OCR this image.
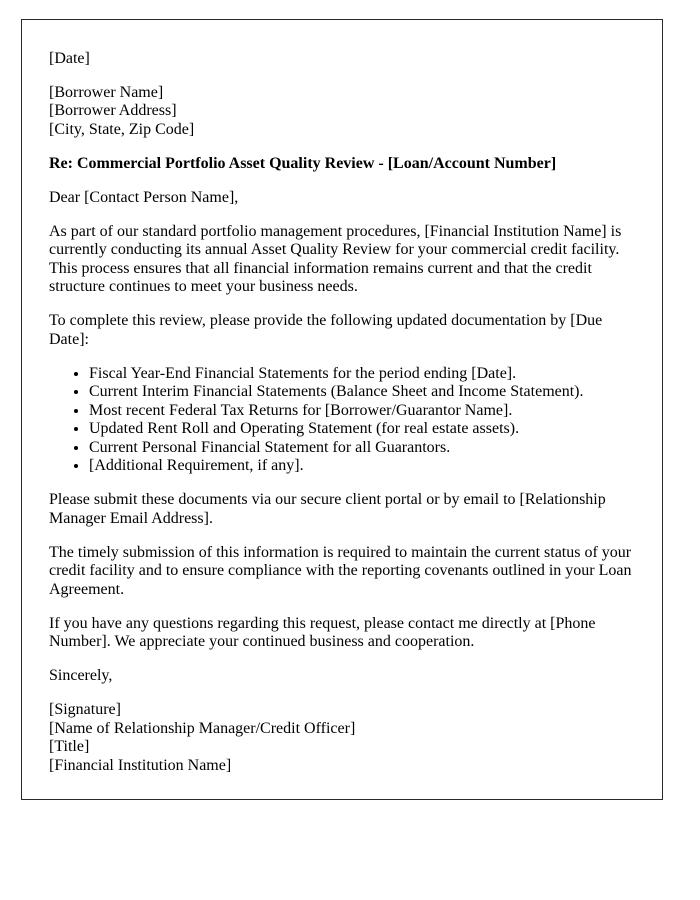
[Date]

[Borrower Name]
[Borrower Address]
[City, State, Zip Code]

Re: Commercial Portfolio Asset Quality Review - [Loan/Account Number]

Dear [Contact Person Name],

As part of our standard portfolio management procedures, [Financial Institution Name] is currently conducting its annual Asset Quality Review for your commercial credit facility. This process ensures that all financial information remains current and that the credit structure continues to meet your business needs.

To complete this review, please provide the following updated documentation by [Due Date]:

• Fiscal Year-End Financial Statements for the period ending [Date].
• Current Interim Financial Statements (Balance Sheet and Income Statement).
• Most recent Federal Tax Returns for [Borrower/Guarantor Name].
• Updated Rent Roll and Operating Statement (for real estate assets).
• Current Personal Financial Statement for all Guarantors.
• [Additional Requirement, if any].

Please submit these documents via our secure client portal or by email to [Relationship Manager Email Address].

The timely submission of this information is required to maintain the current status of your credit facility and to ensure compliance with the reporting covenants outlined in your Loan Agreement.

If you have any questions regarding this request, please contact me directly at [Phone Number]. We appreciate your continued business and cooperation.

Sincerely,

[Signature]
[Name of Relationship Manager/Credit Officer]
[Title]
[Financial Institution Name]
